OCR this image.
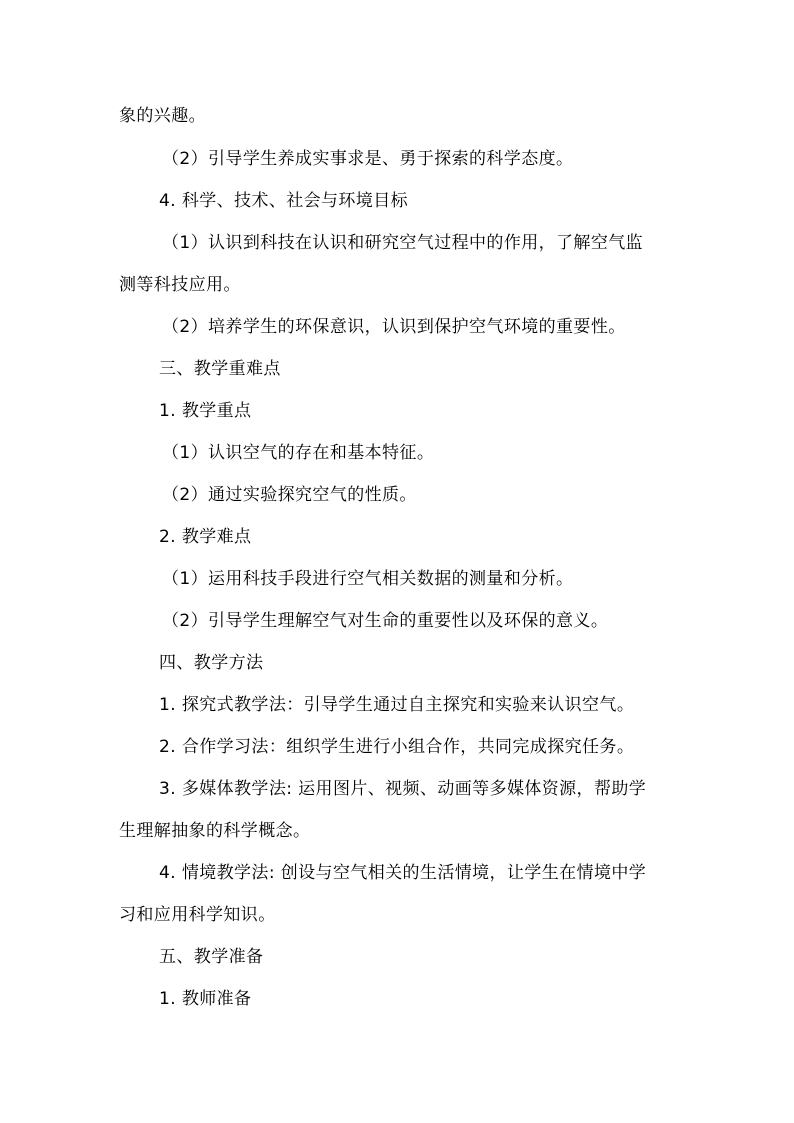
象的兴趣。
（2）引导学生养成实事求是、勇于探索的科学态度。
4. 科学、技术、社会与环境目标
（1）认识到科技在认识和研究空气过程中的作用，了解空气监
测等科技应用。
（2）培养学生的环保意识，认识到保护空气环境的重要性。
三、教学重难点
1. 教学重点
（1）认识空气的存在和基本特征。
（2）通过实验探究空气的性质。
2. 教学难点
（1）运用科技手段进行空气相关数据的测量和分析。
（2）引导学生理解空气对生命的重要性以及环保的意义。
四、教学方法
1. 探究式教学法：引导学生通过自主探究和实验来认识空气。
2. 合作学习法：组织学生进行小组合作，共同完成探究任务。
3. 多媒体教学法: 运用图片、视频、动画等多媒体资源，帮助学
生理解抽象的科学概念。
4. 情境教学法: 创设与空气相关的生活情境，让学生在情境中学
习和应用科学知识。
五、教学准备
1. 教师准备
